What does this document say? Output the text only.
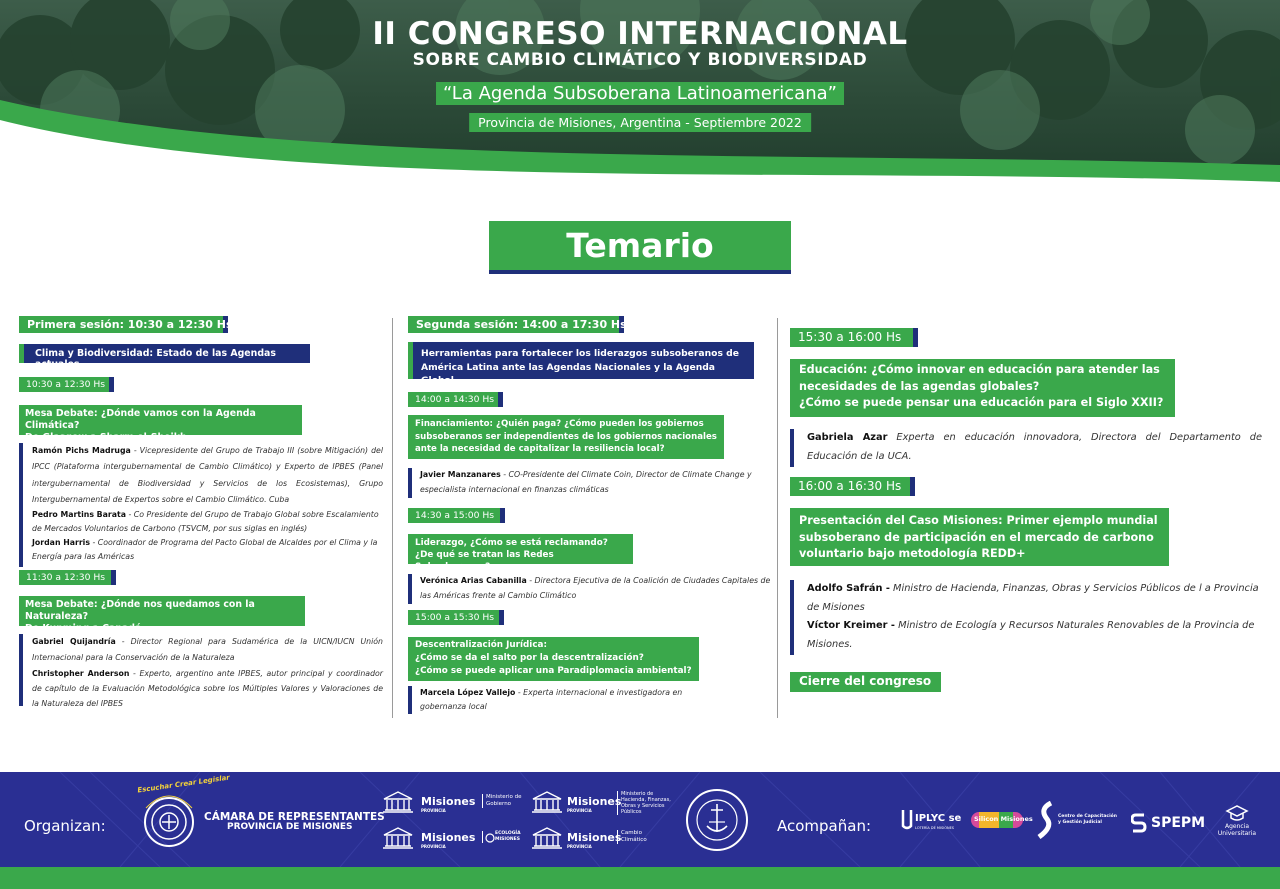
II CONGRESO INTERNACIONAL
SOBRE CAMBIO CLIMÁTICO Y BIODIVERSIDAD
“La Agenda Subsoberana Latinoamericana”
Provincia de Misiones, Argentina - Septiembre 2022
Temario
Primera sesión: 10:30 a 12:30 Hs
Clima y Biodiversidad: Estado de las Agendas actuales
10:30 a 12:30 Hs
Mesa Debate: ¿Dónde vamos con la Agenda Climática?
De Glasgow a Sharm el-Sheikh

Ramón Pichs Madruga - Vicepresidente del Grupo de Trabajo III (sobre Mitigación) del IPCC (Plataforma intergubernamental de Cambio Climático) y Experto de IPBES (Panel intergubernamental de Biodiversidad y Servicios de los Ecosistemas), Grupo Intergubernamental de Expertos sobre el Cambio Climático. Cuba

Pedro Martins Barata - Co Presidente del Grupo de Trabajo Global sobre Escalamiento de Mercados Voluntarios de Carbono (TSVCM, por sus siglas en inglés)

Jordan Harris - Coordinador de Programa del Pacto Global de Alcaldes por el Clima y la Energía para las Américas

11:30 a 12:30 Hs
Mesa Debate: ¿Dónde nos quedamos con la Naturaleza?
De Kunming a Canadá

Gabriel Quijandría - Director Regional para Sudamérica de la UICN/IUCN Unión Internacional para la Conservación de la Naturaleza

Christopher Anderson - Experto, argentino ante IPBES, autor principal y coordinador de capítulo de la Evaluación Metodológica sobre los Múltiples Valores y Valoraciones de la Naturaleza del IPBES

Segunda sesión: 14:00 a 17:30 Hs
Herramientas para fortalecer los liderazgos subsoberanos de América Latina ante las Agendas Nacionales y la Agenda Global
14:00 a 14:30 Hs
Financiamiento: ¿Quién paga? ¿Cómo pueden los gobiernos subsoberanos ser independientes de los gobiernos nacionales ante la necesidad de capitalizar la resiliencia local?

Javier Manzanares - CO-Presidente del Climate Coin, Director de Climate Change y especialista internacional en finanzas climáticas

14:30 a 15:00 Hs
Liderazgo, ¿Cómo se está reclamando?
¿De qué se tratan las Redes Subsoberanas?

Verónica Arias Cabanilla - Directora Ejecutiva de la Coalición de Ciudades Capitales de las Américas frente al Cambio Climático

15:00 a 15:30 Hs
Descentralización Jurídica:
¿Cómo se da el salto por la descentralización?
¿Cómo se puede aplicar una Paradiplomacia ambiental?

Marcela López Vallejo - Experta internacional e investigadora en gobernanza local

15:30 a 16:00 Hs
Educación: ¿Cómo innovar en educación para atender las
necesidades de las agendas globales?
¿Cómo se puede pensar una educación para el Siglo XXII?

Gabriela Azar Experta en educación innovadora, Directora del Departamento de Educación de la UCA.

16:00 a 16:30 Hs
Presentación del Caso Misiones: Primer ejemplo mundial
subsoberano de participación en el mercado de carbono
voluntario bajo metodología REDD+

Adolfo Safrán - Ministro de Hacienda, Finanzas, Obras y Servicios Públicos de l a Provincia de Misiones

Víctor Kreimer - Ministro de Ecología y Recursos Naturales Renovables de la Provincia de Misiones.

Cierre del congreso
Organizan:
Escuchar Crear Legislar
CÁMARA DE REPRESENTANTES
PROVINCIA DE MISIONES
Misiones
PROVINCIA
Ministerio de Gobierno	Misiones
PROVINCIA
Ministerio de Hacienda, Finanzas, Obras y Servicios Públicos
Misiones
PROVINCIA
ECOLOGÍA MISIONES	Misiones
PROVINCIA
Cambio Climático
Acompañan:	IPLYC se
LOTERÍA DE MISIONES
Silicon Misiones	Centro de Capacitación y Gestión Judicial	SPEPM	Agencia Universitaria
